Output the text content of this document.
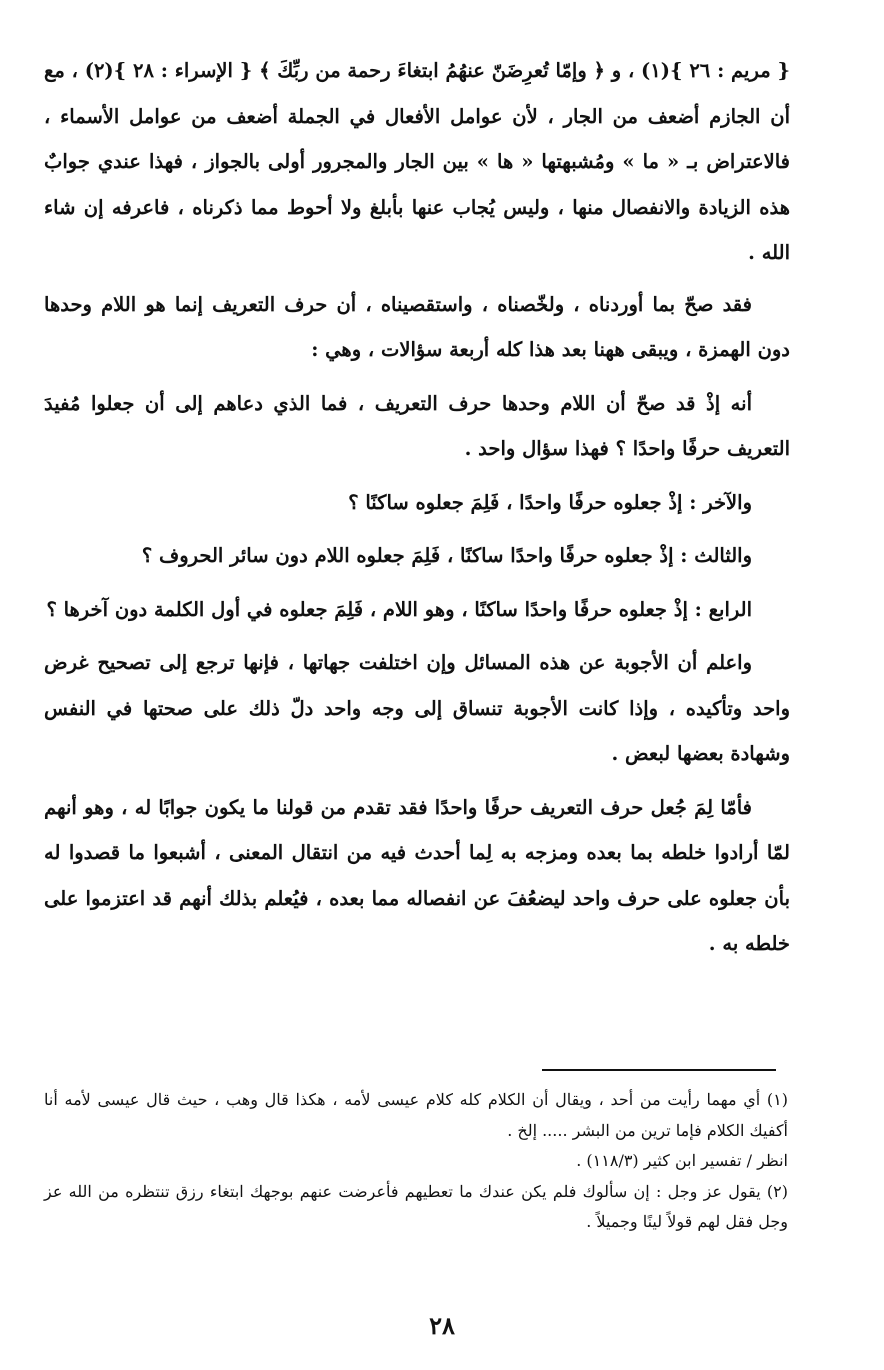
{ مريم : ٢٦ }(١) ، و ﴿ وإمّا تُعرِضَنّ عنهُمُ ابتغاءَ رحمة من ربِّكَ ﴾ { الإسراء : ٢٨ }(٢) ، مع أن الجازم أضعف من الجار ، لأن عوامل الأفعال في الجملة أضعف من عوامل الأسماء ، فالاعتراض بـ « ما » ومُشبهتها « ها » بين الجار والمجرور أولى بالجواز ، فهذا عندي جوابٌ هذه الزيادة والانفصال منها ، وليس يُجاب عنها بأبلغ ولا أحوط مما ذكرناه ، فاعرفه إن شاء الله .

فقد صحّ بما أوردناه ، ولخّصناه ، واستقصيناه ، أن حرف التعريف إنما هو اللام وحدها دون الهمزة ، ويبقى ههنا بعد هذا كله أربعة سؤالات ، وهي :

أنه إذْ قد صحّ أن اللام وحدها حرف التعريف ، فما الذي دعاهم إلى أن جعلوا مُفيدَ التعريف حرفًا واحدًا ؟ فهذا سؤال واحد .

والآخر : إذْ جعلوه حرفًا واحدًا ، فَلِمَ جعلوه ساكنًا ؟

والثالث : إذْ جعلوه حرفًا واحدًا ساكنًا ، فَلِمَ جعلوه اللام دون سائر الحروف ؟

الرابع : إذْ جعلوه حرفًا واحدًا ساكنًا ، وهو اللام ، فَلِمَ جعلوه في أول الكلمة دون آخرها ؟

واعلم أن الأجوبة عن هذه المسائل وإن اختلفت جهاتها ، فإنها ترجع إلى تصحيح غرض واحد وتأكيده ، وإذا كانت الأجوبة تنساق إلى وجه واحد دلّ ذلك على صحتها في النفس وشهادة بعضها لبعض .

فأمّا لِمَ جُعل حرف التعريف حرفًا واحدًا فقد تقدم من قولنا ما يكون جوابًا له ، وهو أنهم لمّا أرادوا خلطه بما بعده ومزجه به لِما أحدث فيه من انتقال المعنى ، أشبعوا ما قصدوا له بأن جعلوه على حرف واحد ليضعُفَ عن انفصاله مما بعده ، فيُعلم بذلك أنهم قد اعتزموا على خلطه به .

(١) أي مهما رأيت من أحد ، ويقال أن الكلام كله كلام عيسى لأمه ، هكذا قال وهب ، حيث قال عيسى لأمه أنا أكفيك الكلام فإما ترين من البشر ..... إلخ .

انظر / تفسير ابن كثير (١١٨/٣) .

(٢) يقول عز وجل : إن سألوك فلم يكن عندك ما تعطيهم فأعرضت عنهم بوجهك ابتغاء رزق تنتظره من الله عز وجل فقل لهم قولاً لينًا وجميلاً .

٢٨
